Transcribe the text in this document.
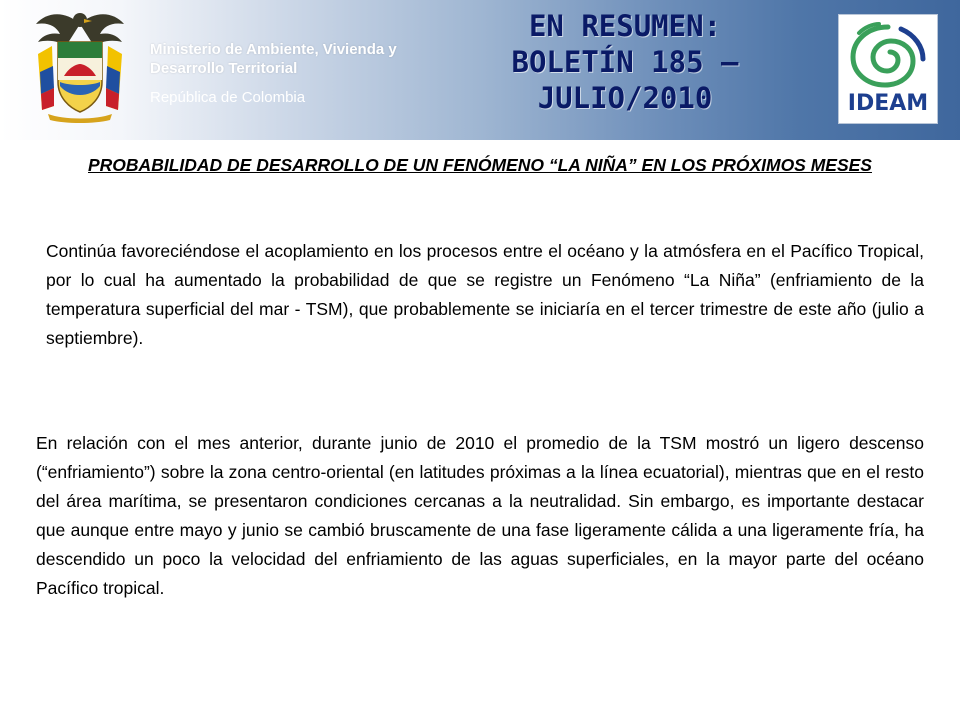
Ministerio de Ambiente, Vivienda y Desarrollo Territorial
República de Colombia
EN RESUMEN:
BOLETÍN 185 –
JULIO/2010	IDEAM
PROBABILIDAD DE DESARROLLO DE UN FENÓMENO “LA NIÑA” EN LOS PRÓXIMOS MESES
Continúa favoreciéndose el acoplamiento en los procesos entre el océano y la atmósfera en el Pacífico Tropical, por lo cual ha aumentado la probabilidad de que se registre un Fenómeno “La Niña” (enfriamiento de la temperatura superficial del mar - TSM), que probablemente se iniciaría en el tercer trimestre de este año (julio a septiembre).
En relación con el mes anterior, durante junio de 2010 el promedio de la TSM mostró un ligero descenso (“enfriamiento”) sobre la zona centro-oriental (en latitudes próximas a la línea ecuatorial), mientras que en el resto del área marítima, se presentaron condiciones cercanas a la neutralidad. Sin embargo, es importante destacar que aunque entre mayo y junio se cambió bruscamente de una fase ligeramente cálida a una ligeramente fría, ha descendido un poco la velocidad del enfriamiento de las aguas superficiales, en la mayor parte del océano Pacífico tropical.
